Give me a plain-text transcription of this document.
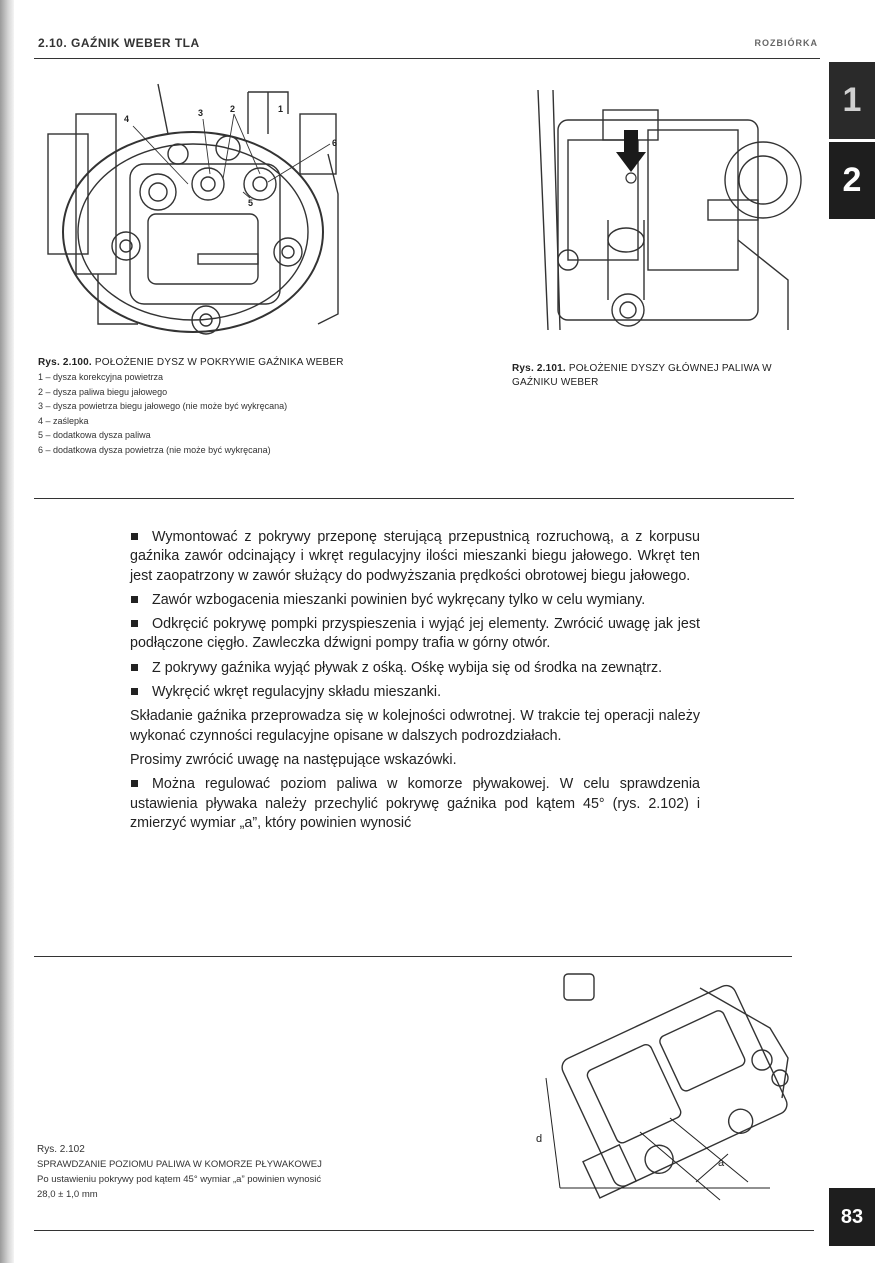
2.10. GAŹNIK WEBER TLA	ROZBIÓRKA
1
2
4
3	2	1
6
5
Rys. 2.100. POŁOŻENIE DYSZ W POKRYWIE GAŹNIKA WEBER
1 – dysza korekcyjna powietrza
2 – dysza paliwa biegu jałowego
3 – dysza powietrza biegu jałowego (nie może być wykręcana)
4 – zaślepka
5 – dodatkowa dysza paliwa
6 – dodatkowa dysza powietrza (nie może być wykręcana)
Rys. 2.101. POŁOŻENIE DYSZY GŁÓWNEJ PALIWA W GAŹNIKU WEBER

Wymontować z pokrywy przeponę sterującą przepustnicą rozruchową, a z korpusu gaźnika zawór odcinający i wkręt regulacyjny ilości mieszanki biegu jałowego. Wkręt ten jest zaopatrzony w zawór służący do podwyższania prędkości obrotowej biegu jałowego.

Zawór wzbogacenia mieszanki powinien być wykręcany tylko w celu wymiany.

Odkręcić pokrywę pompki przyspieszenia i wyjąć jej elementy. Zwrócić uwagę jak jest podłączone cięgło. Zawleczka dźwigni pompy trafia w górny otwór.

Z pokrywy gaźnika wyjąć pływak z ośką. Ośkę wybija się od środka na zewnątrz.

Wykręcić wkręt regulacyjny składu mieszanki.

Składanie gaźnika przeprowadza się w kolejności odwrotnej. W trakcie tej operacji należy wykonać czynności regulacyjne opisane w dalszych podrozdziałach.

Prosimy zwrócić uwagę na następujące wskazówki.

Można regulować poziom paliwa w komorze pływakowej. W celu sprawdzenia ustawienia pływaka należy przechylić pokrywę gaźnika pod kątem 45° (rys. 2.102) i zmierzyć wymiar „a”, który powinien wynosić

d
a
Rys. 2.102
SPRAWDZANIE POZIOMU PALIWA W KOMORZE PŁYWAKOWEJ
Po ustawieniu pokrywy pod kątem 45° wymiar „a” powinien wynosić
28,0 ± 1,0 mm
83
